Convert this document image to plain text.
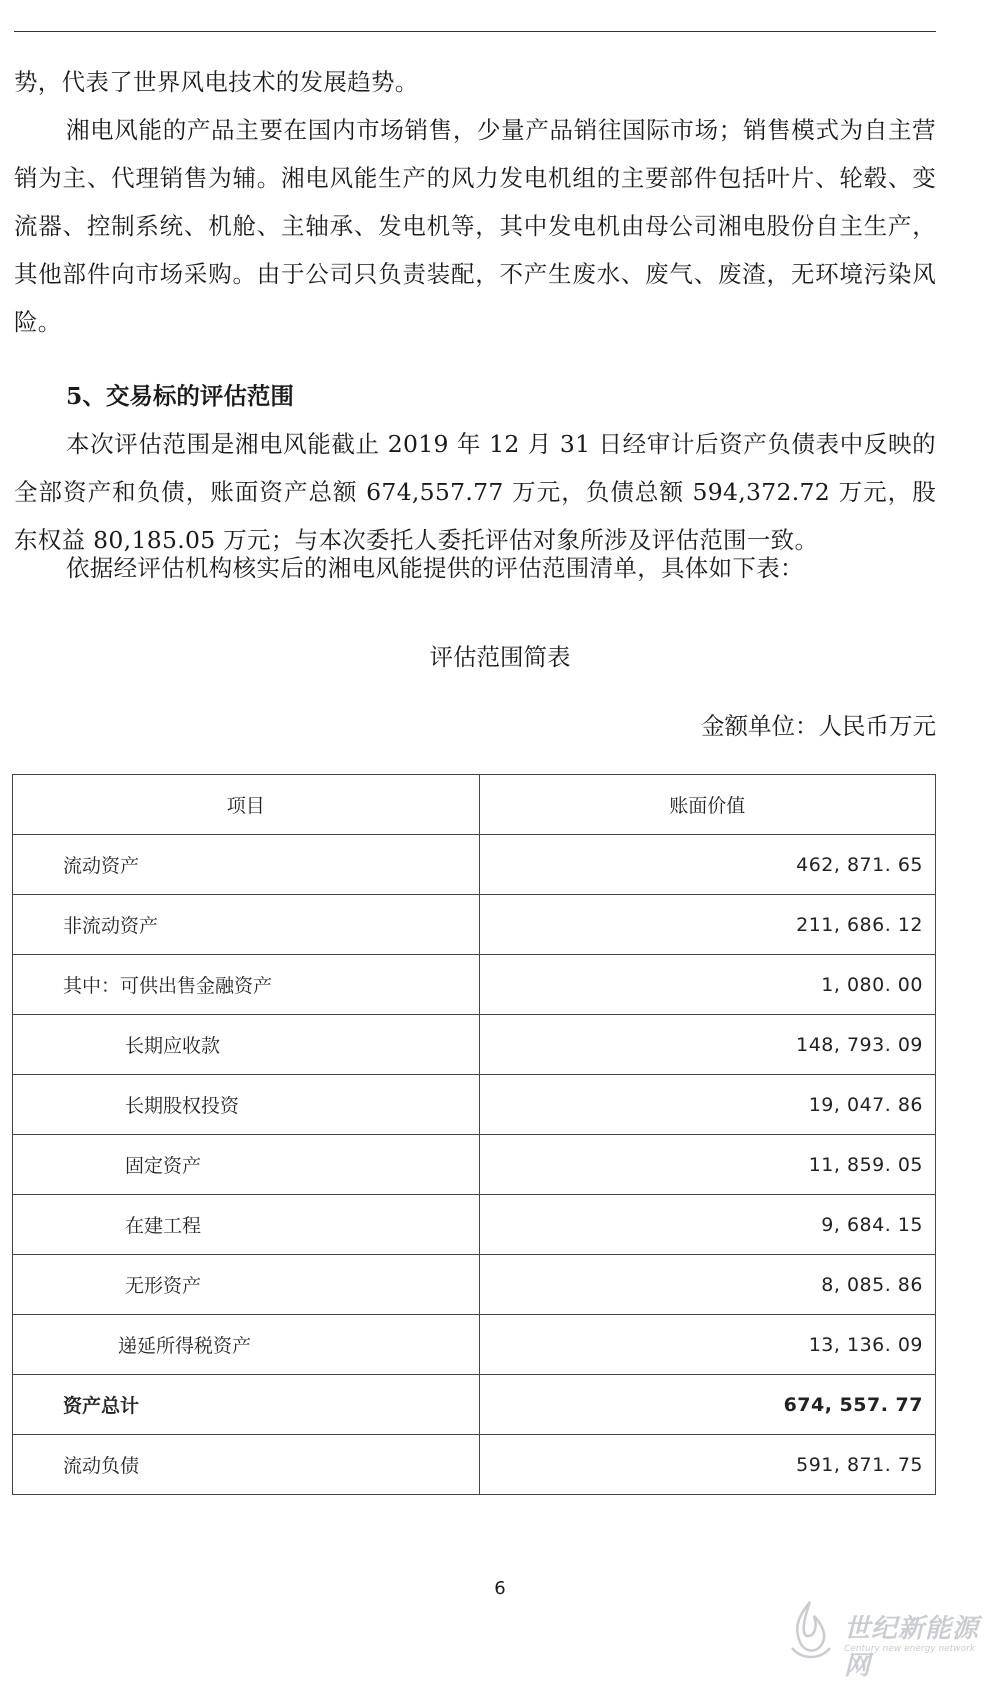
势，代表了世界风电技术的发展趋势。

湘电风能的产品主要在国内市场销售，少量产品销往国际市场；销售模式为自主营销为主、代理销售为辅。湘电风能生产的风力发电机组的主要部件包括叶片、轮毂、变流器、控制系统、机舱、主轴承、发电机等，其中发电机由母公司湘电股份自主生产，其他部件向市场采购。由于公司只负责装配，不产生废水、废气、废渣，无环境污染风险。

5、交易标的评估范围

本次评估范围是湘电风能截止 2019 年 12 月 31 日经审计后资产负债表中反映的全部资产和负债，账面资产总额 674,557.77 万元，负债总额 594,372.72 万元，股东权益 80,185.05 万元；与本次委托人委托评估对象所涉及评估范围一致。

依据经评估机构核实后的湘电风能提供的评估范围清单，具体如下表：

评估范围简表
金额单位：人民币万元
项目	账面价值
流动资产	462, 871. 65
非流动资产	211, 686. 12
其中：可供出售金融资产	1, 080. 00
长期应收款	148, 793. 09
长期股权投资	19, 047. 86
固定资产	11, 859. 05
在建工程	9, 684. 15
无形资产	8, 085. 86
递延所得税资产	13, 136. 09
资产总计	674, 557. 77
流动负债	591, 871. 75
6
世纪新能源网
Century new energy network
